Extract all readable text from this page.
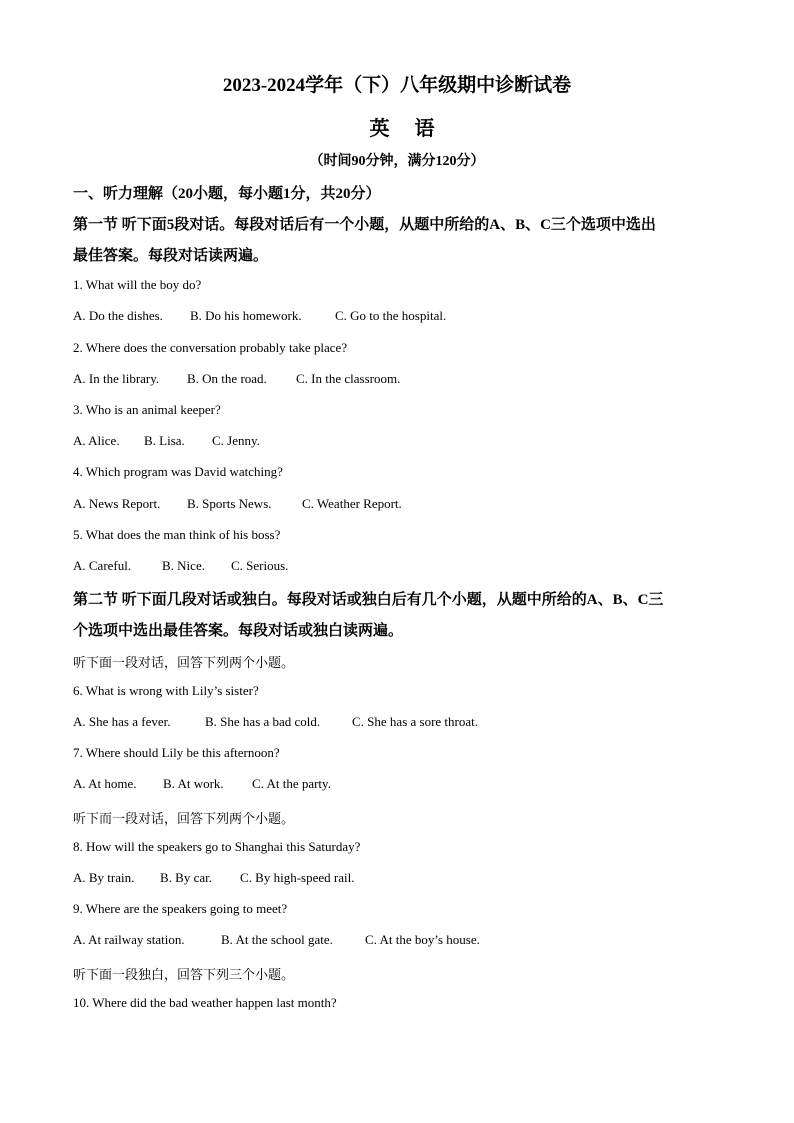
2023-2024学年（下）八年级期中诊断试卷
英 语
（时间90分钟，满分120分）
一、听力理解（20小题，每小题1分，共20分）
第一节 听下面5段对话。每段对话后有一个小题，从题中所给的A、B、C三个选项中选出
最佳答案。每段对话读两遍。
1. What will the boy do?
A. Do the dishes. B. Do his homework.	C. Go to the hospital.
2. Where does the conversation probably take place?
A. In the library. B. On the road. C. In the classroom.
3. Who is an animal keeper?
A. Alice. B. Lisa. C. Jenny.
4. Which program was David watching?
A. News Report. B. Sports News. C. Weather Report.
5. What does the man think of his boss?
A. Careful. B. Nice. C. Serious.
第二节 听下面几段对话或独白。每段对话或独白后有几个小题，从题中所给的A、B、C三
个选项中选出最佳答案。每段对话或独白读两遍。
听下面一段对话，回答下列两个小题。
6. What is wrong with Lily’s sister?
A. She has a fever.	B. She has a bad cold. C. She has a sore throat.
7. Where should Lily be this afternoon?
A. At home. B. At work. C. At the party.
听下而一段对话，回答下列两个小题。
8. How will the speakers go to Shanghai this Saturday?
A. By train. B. By car. C. By high-speed rail.
9. Where are the speakers going to meet?
A. At railway station.	B. At the school gate. C. At the boy’s house.
听下面一段独白，回答下列三个小题。
10. Where did the bad weather happen last month?
